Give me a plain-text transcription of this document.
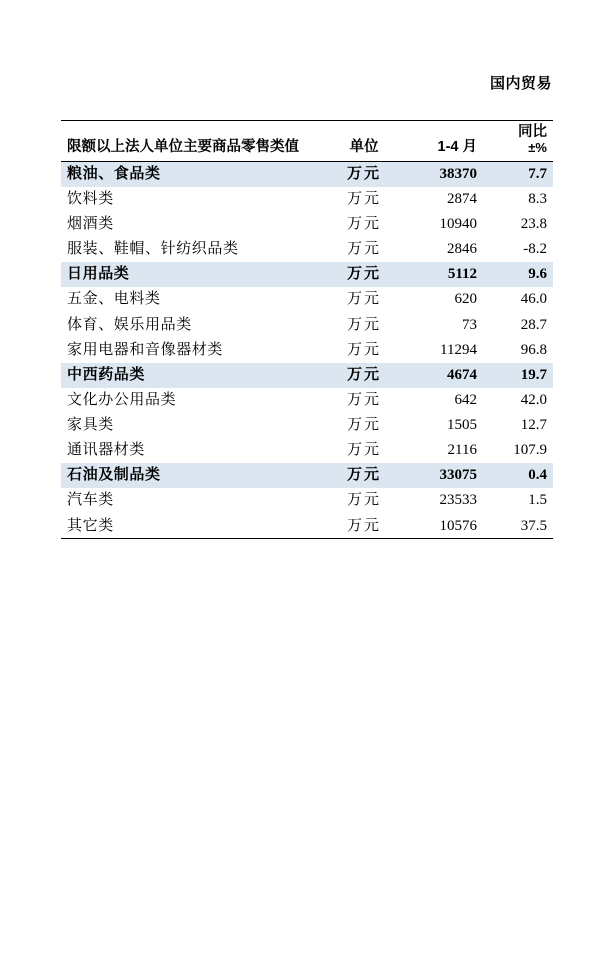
国内贸易
限额以上法人单位主要商品零售类值	单位	1-4 月	同比
±%

粮油、食品类	万元	38370	7.7
饮料类	万元	2874	8.3
烟酒类	万元	10940	23.8
服装、鞋帽、针纺织品类	万元	2846	-8.2
日用品类	万元	5112	9.6
五金、电料类	万元	620	46.0
体育、娱乐用品类	万元	73	28.7
家用电器和音像器材类	万元	11294	96.8
中西药品类	万元	4674	19.7
文化办公用品类	万元	642	42.0
家具类	万元	1505	12.7
通讯器材类	万元	2116	107.9
石油及制品类	万元	33075	0.4
汽车类	万元	23533	1.5
其它类	万元	10576	37.5
